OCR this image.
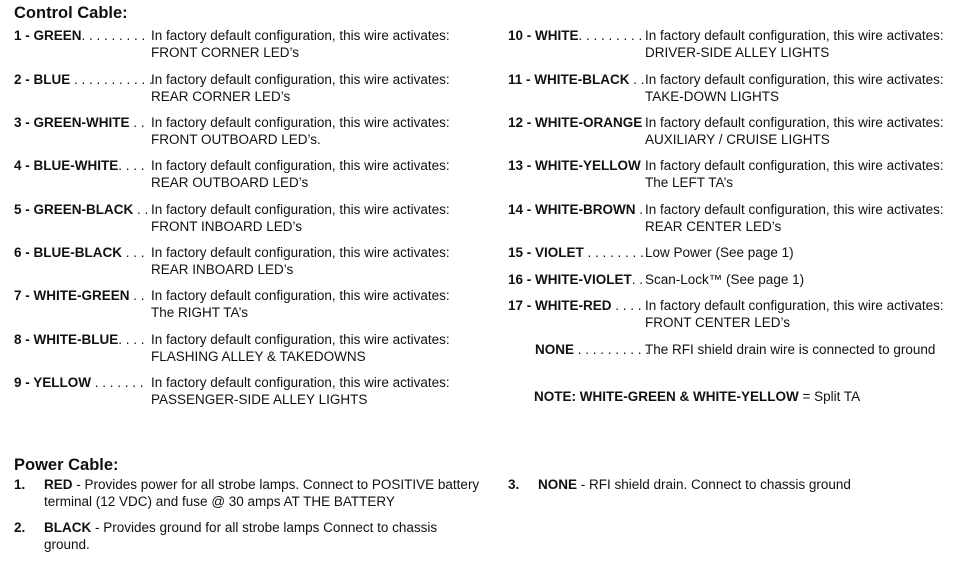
Control Cable:
1 - GREEN. . . . . . . . . In factory default configuration, this wire activates:
FRONT CORNER LED’s
2 - BLUE . . . . . . . . . . .
In factory default configuration, this wire activates:
REAR CORNER LED’s
3 - GREEN-WHITE . . In factory default configuration, this wire activates:
FRONT OUTBOARD LED’s.
4 - BLUE-WHITE. . . . In factory default configuration, this wire activates:
REAR OUTBOARD LED’s
5 - GREEN-BLACK . . In factory default configuration, this wire activates:
FRONT INBOARD LED’s
6 - BLUE-BLACK . . . In factory default configuration, this wire activates:
REAR INBOARD LED’s
7 - WHITE-GREEN . . In factory default configuration, this wire activates:
The RIGHT TA’s
8 - WHITE-BLUE. . . . In factory default configuration, this wire activates:
FLASHING ALLEY & TAKEDOWNS
9 - YELLOW . . . . . . . In factory default configuration, this wire activates:
PASSENGER-SIDE ALLEY LIGHTS
10 - WHITE. . . . . . . . . In factory default configuration, this wire activates:
DRIVER-SIDE ALLEY LIGHTS
11 - WHITE-BLACK . . In factory default configuration, this wire activates:
TAKE-DOWN LIGHTS
12 - WHITE-ORANGE In factory default configuration, this wire activates:
AUXILIARY / CRUISE LIGHTS
13 - WHITE-YELLOW In factory default configuration, this wire activates:
The LEFT TA’s
14 - WHITE-BROWN . In factory default configuration, this wire activates:
REAR CENTER LED’s
15 - VIOLET . . . . . . . . Low Power (See page 1)
16 - WHITE-VIOLET. . Scan-Lock™ (See page 1)
17 - WHITE-RED . . . . In factory default configuration, this wire activates:
FRONT CENTER LED’s
NONE . . . . . . . . . .
The RFI shield drain wire is connected to ground
NOTE: WHITE-GREEN & WHITE-YELLOW = Split TA
Power Cable:
1. RED - Provides power for all strobe lamps. Connect to POSITIVE battery
terminal (12 VDC) and fuse @ 30 amps AT THE BATTERY
2. BLACK - Provides ground for all strobe lamps Connect to chassis
ground.
3. NONE - RFI shield drain. Connect to chassis ground
